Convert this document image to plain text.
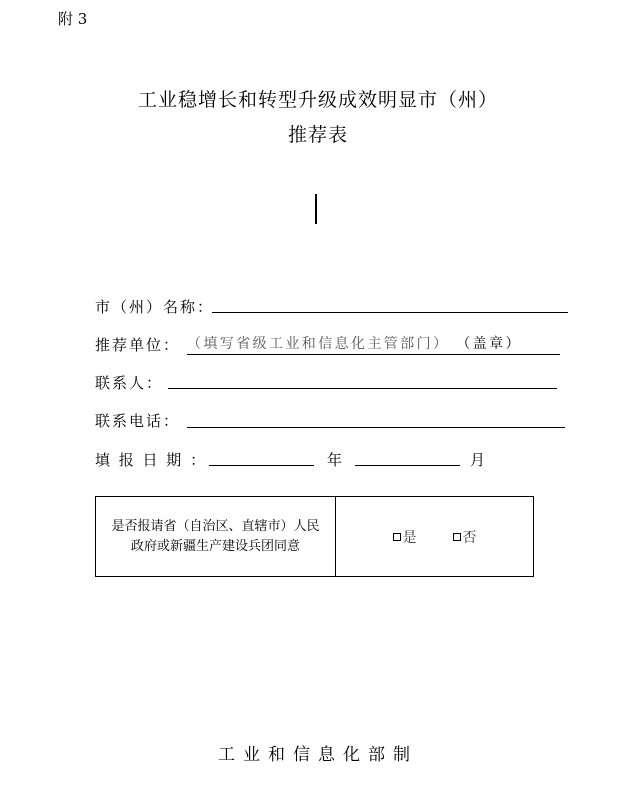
附 3
工业稳增长和转型升级成效明显市（州）
推荐表
市（州）名称：
推荐单位： （填写省级工业和信息化主管部门） （盖章）
联系人：
联系电话：
填 报 日 期 ：	年	月
是否报请省（自治区、直辖市）人民
政府或新疆生产建设兵团同意
是	否
工业和信息化部制
